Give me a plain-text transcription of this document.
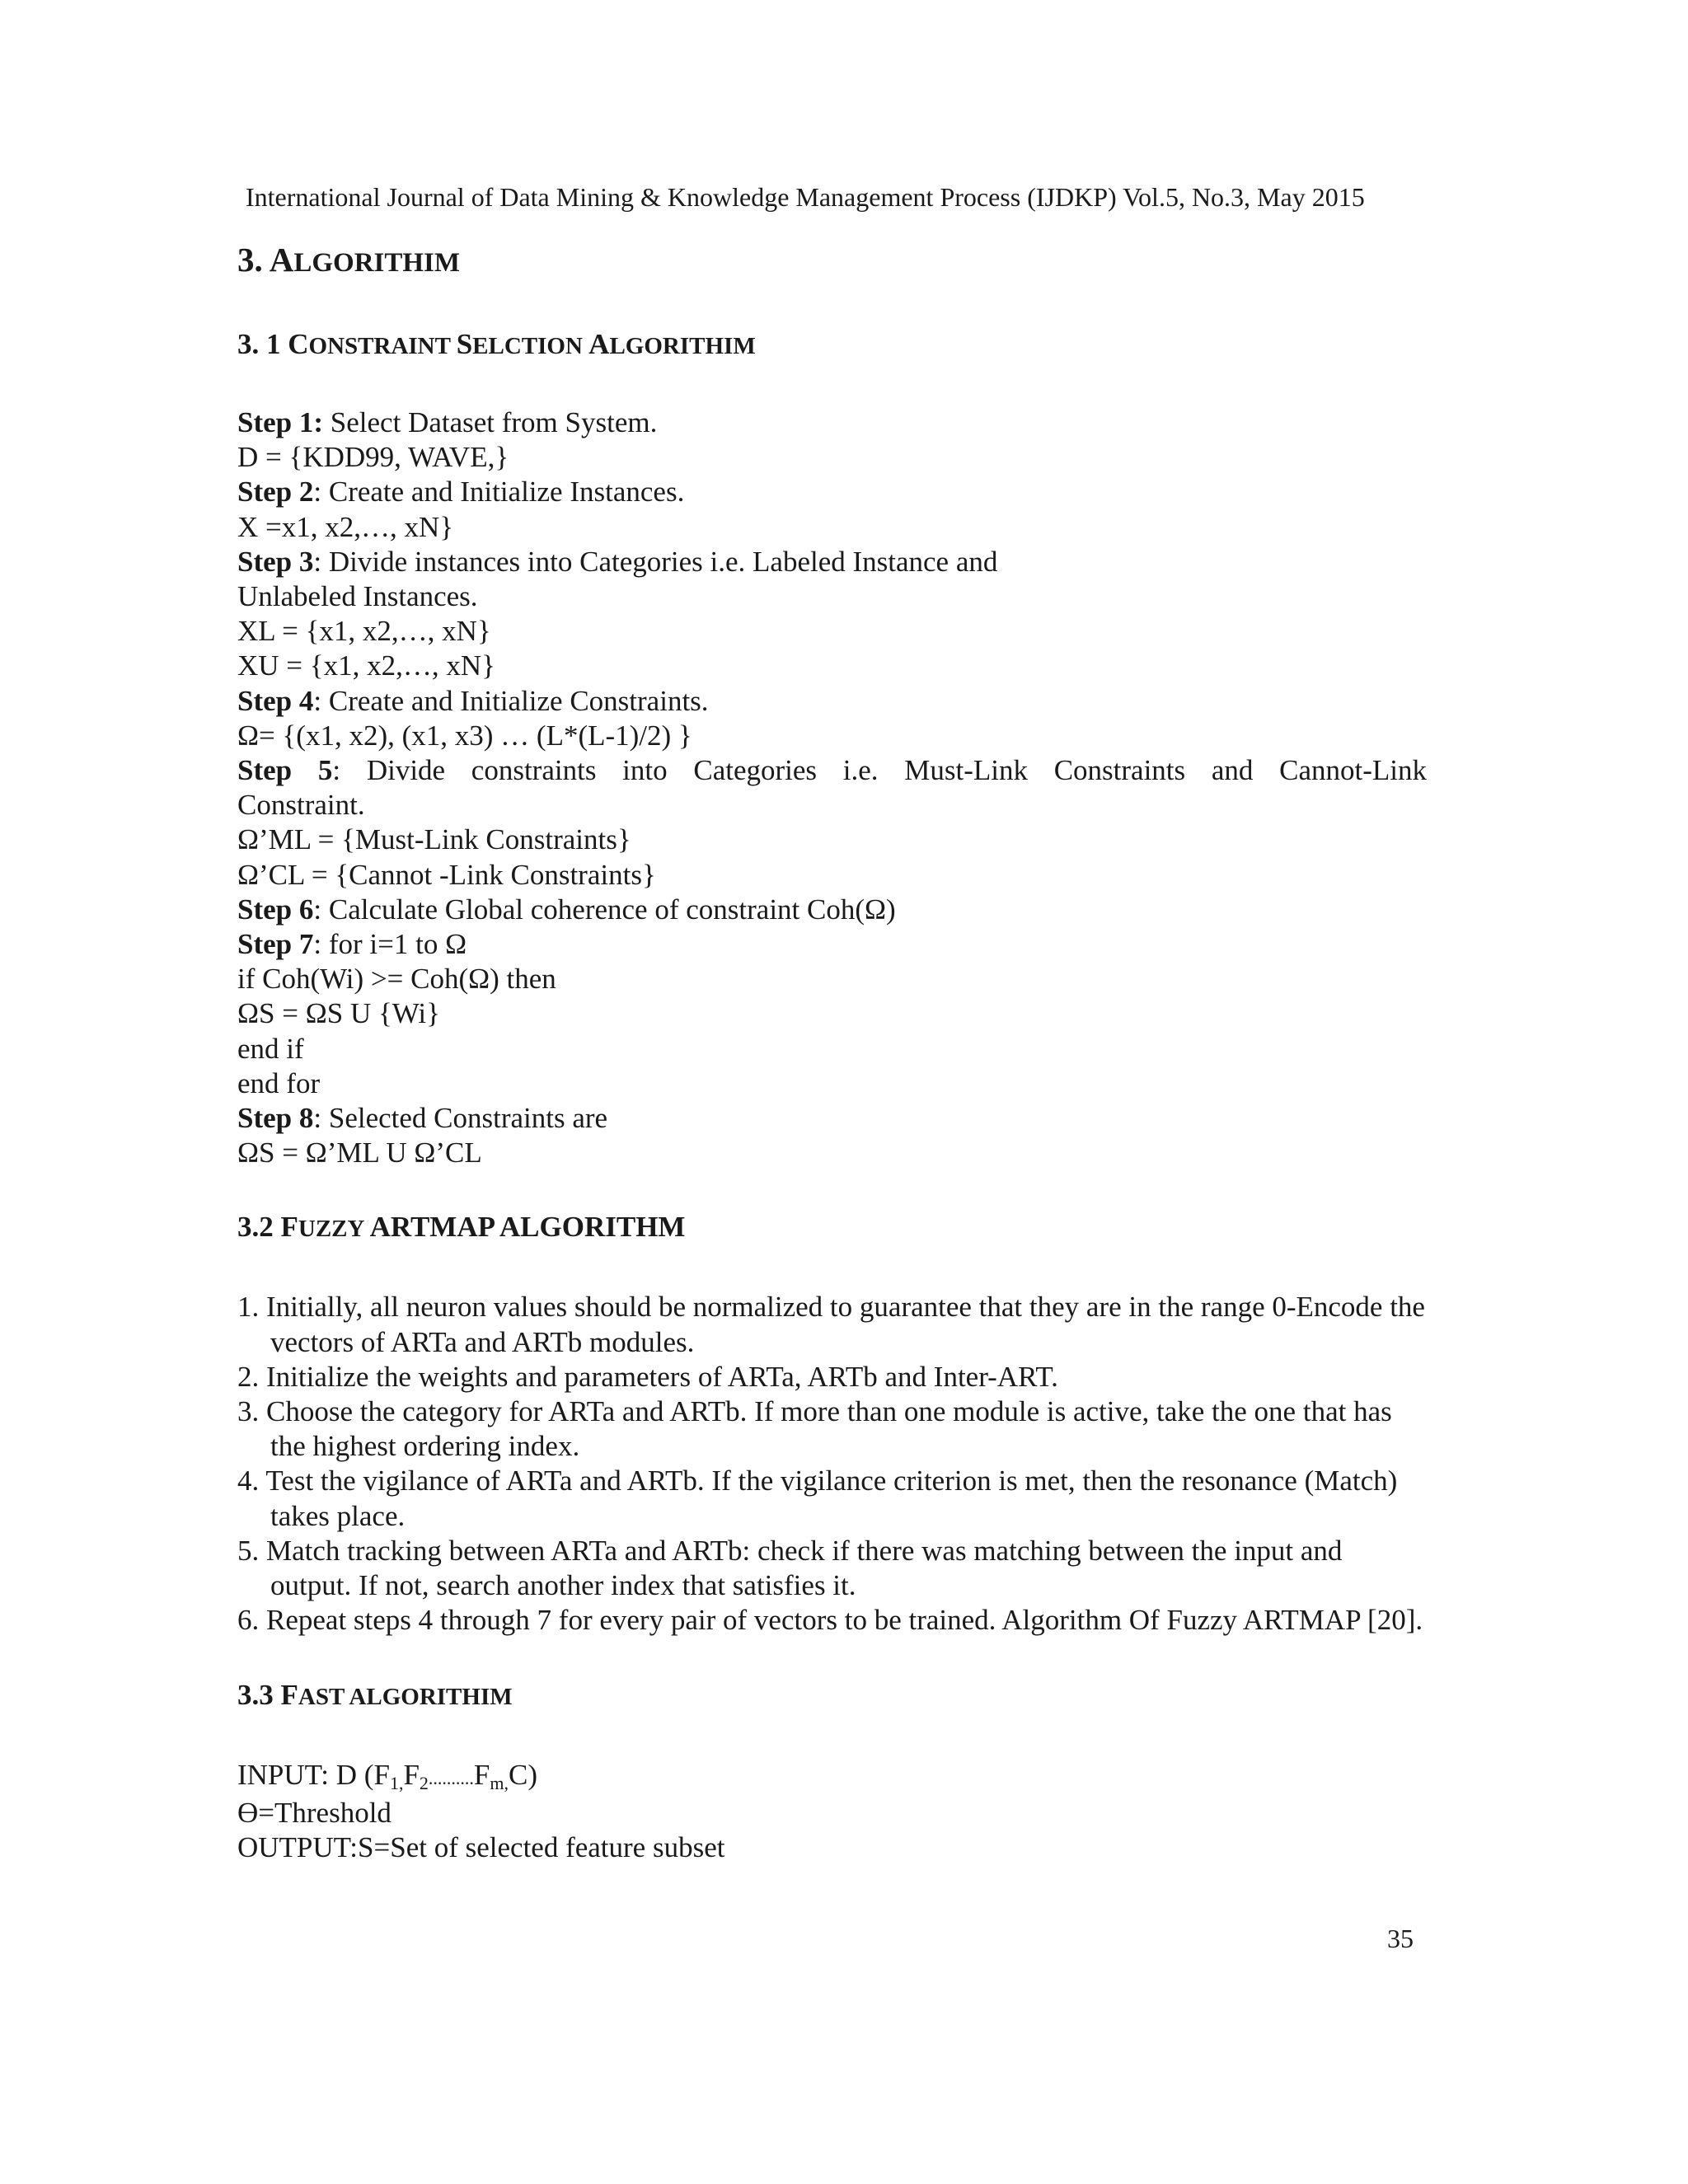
International Journal of Data Mining & Knowledge Management Process (IJDKP) Vol.5, No.3, May 2015
3. ALGORITHIM
3. 1 CONSTRAINT SELCTION ALGORITHIM
Step 1: Select Dataset from System.
D = {KDD99, WAVE,}
Step 2: Create and Initialize Instances.
X =x1, x2,…, xN}
Step 3: Divide instances into Categories i.e. Labeled Instance and
Unlabeled Instances.
XL = {x1, x2,…, xN}
XU = {x1, x2,…, xN}
Step 4: Create and Initialize Constraints.
Ω= {(x1, x2), (x1, x3) … (L*(L-1)/2) }
Step 5: Divide constraints into Categories i.e. Must-Link Constraints and Cannot-Link
Constraint.
Ω’ML = {Must-Link Constraints}
Ω’CL = {Cannot -Link Constraints}
Step 6: Calculate Global coherence of constraint Coh(Ω)
Step 7: for i=1 to Ω
if Coh(Wi) >= Coh(Ω) then
ΩS = ΩS U {Wi}
end if
end for
Step 8: Selected Constraints are
ΩS = Ω’ML U Ω’CL
3.2 FUZZY ARTMAP ALGORITHM
1. Initially, all neuron values should be normalized to guarantee that they are in the range 0-Encode the vectors of ARTa and ARTb modules.
2. Initialize the weights and parameters of ARTa, ARTb and Inter-ART.
3. Choose the category for ARTa and ARTb. If more than one module is active, take the one that has the highest ordering index.
4. Test the vigilance of ARTa and ARTb. If the vigilance criterion is met, then the resonance (Match) takes place.
5. Match tracking between ARTa and ARTb: check if there was matching between the input and output. If not, search another index that satisfies it.
6. Repeat steps 4 through 7 for every pair of vectors to be trained. Algorithm Of Fuzzy ARTMAP [20].
3.3 FAST ALGORITHIM
INPUT: D $(F_{1,}F_2..........F_{m,}C)$
Ө=Threshold
OUTPUT:S=Set of selected feature subset
35
